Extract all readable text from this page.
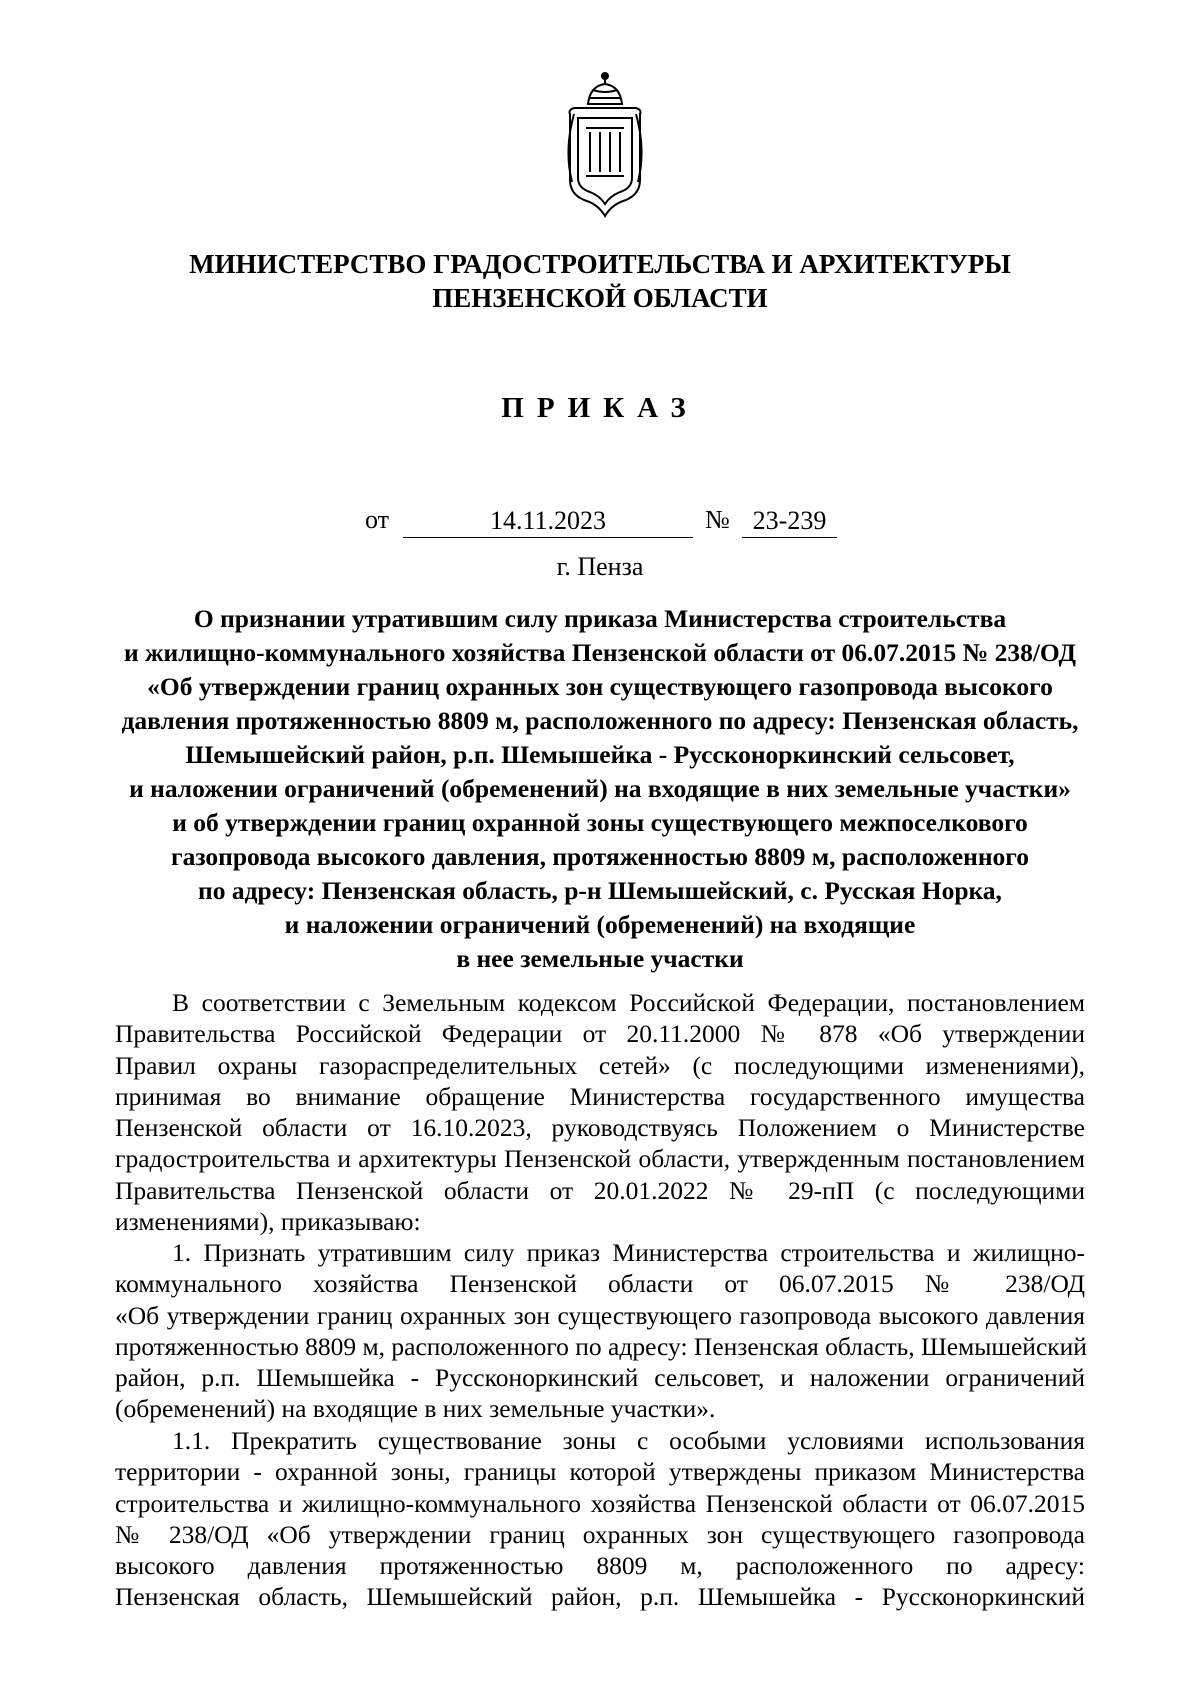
МИНИСТЕРСТВО ГРАДОСТРОИТЕЛЬСТВА И АРХИТЕКТУРЫ
ПЕНЗЕНСКОЙ ОБЛАСТИ
ПРИКАЗ
от	14.11.2023	№ 23-239
г. Пенза
О признании утратившим силу приказа Министерства строительства
и жилищно-коммунального хозяйства Пензенской области от 06.07.2015 № 238/ОД
«Об утверждении границ охранных зон существующего газопровода высокого
давления протяженностью 8809 м, расположенного по адресу: Пензенская область,
Шемышейский район, р.п. Шемышейка - Руссконоркинский сельсовет,
и наложении ограничений (обременений) на входящие в них земельные участки»
и об утверждении границ охранной зоны существующего межпоселкового
газопровода высокого давления, протяженностью 8809 м, расположенного
по адресу: Пензенская область, р-н Шемышейский, с. Русская Норка,
и наложении ограничений (обременений) на входящие
в нее земельные участки
В соответствии с Земельным кодексом Российской Федерации, постановлением
Правительства Российской Федерации от 20.11.2000 № 878 «Об утверждении
Правил охраны газораспределительных сетей» (с последующими изменениями),
принимая во внимание обращение Министерства государственного имущества
Пензенской области от 16.10.2023, руководствуясь Положением о Министерстве
градостроительства и архитектуры Пензенской области, утвержденным постановлением
Правительства Пензенской области от 20.01.2022 № 29-пП (с последующими
изменениями), приказываю:
1. Признать утратившим силу приказ Министерства строительства и жилищно-
коммунального хозяйства Пензенской области от 06.07.2015 № 238/ОД
«Об утверждении границ охранных зон существующего газопровода высокого давления
протяженностью 8809 м, расположенного по адресу: Пензенская область, Шемышейский
район, р.п. Шемышейка - Руссконоркинский сельсовет, и наложении ограничений
(обременений) на входящие в них земельные участки».
1.1. Прекратить существование зоны с особыми условиями использования
территории - охранной зоны, границы которой утверждены приказом Министерства
строительства и жилищно-коммунального хозяйства Пензенской области от 06.07.2015
№ 238/ОД «Об утверждении границ охранных зон существующего газопровода
высокого давления протяженностью 8809 м, расположенного по адресу:
Пензенская область, Шемышейский район, р.п. Шемышейка - Руссконоркинский
